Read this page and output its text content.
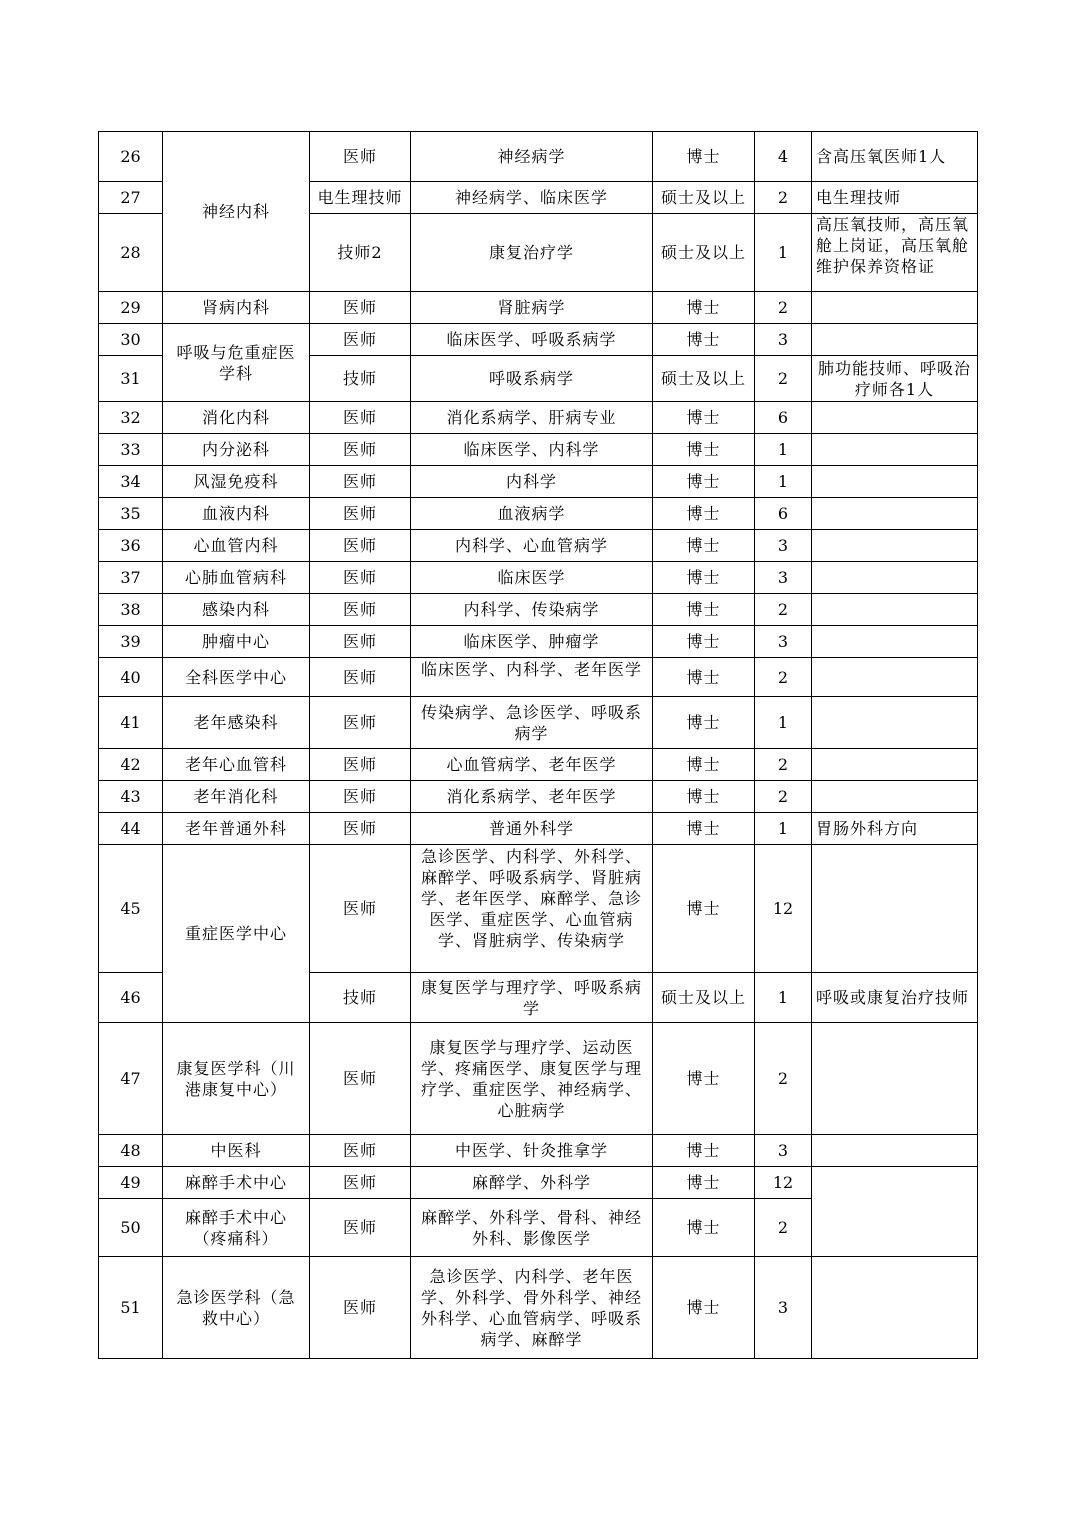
26	神经内科	医师	神经病学	博士	4	含高压氧医师1人
27		电生理技师	神经病学、临床医学	硕士及以上	2	电生理技师
28		技师2	康复治疗学	硕士及以上	1	高压氧技师，高压氧舱上岗证，高压氧舱维护保养资格证

29	肾病内科	医师	肾脏病学	博士	2	
30	呼吸与危重症医学科	医师	临床医学、呼吸系病学	博士	3	
31		技师	呼吸系病学	硕士及以上	2	肺功能技师、呼吸治疗师各1人
32	消化内科	医师	消化系病学、肝病专业	博士	6	
33	内分泌科	医师	临床医学、内科学	博士	1	
34	风湿免疫科	医师	内科学	博士	1	
35	血液内科	医师	血液病学	博士	6	
36	心血管内科	医师	内科学、心血管病学	博士	3	
37	心肺血管病科	医师	临床医学	博士	3	
38	感染内科	医师	内科学、传染病学	博士	2	
39	肿瘤中心	医师	临床医学、肿瘤学	博士	3	
40	全科医学中心	医师	临床医学、内科学、老年医学	博士	2	
41	老年感染科	医师	传染病学、急诊医学、呼吸系病学	博士	1	
42	老年心血管科	医师	心血管病学、老年医学	博士	2	
43	老年消化科	医师	消化系病学、老年医学	博士	2	
44	老年普通外科	医师	普通外科学	博士	1	胃肠外科方向
45	重症医学中心	医师	急诊医学、内科学、外科学、麻醉学、呼吸系病学、肾脏病学、老年医学、麻醉学、急诊医学、重症医学、心血管病学、肾脏病学、传染病学	博士	12	
46		技师	康复医学与理疗学、呼吸系病学	硕士及以上	1	呼吸或康复治疗技师
47	康复医学科（川港康复中心）	医师	康复医学与理疗学、运动医学、疼痛医学、康复医学与理疗学、重症医学、神经病学、心脏病学	博士	2	
48	中医科	医师	中医学、针灸推拿学	博士	3	
49	麻醉手术中心	医师	麻醉学、外科学	博士	12	
50	麻醉手术中心（疼痛科）	医师	麻醉学、外科学、骨科、神经外科、影像医学	博士	2	
51	急诊医学科（急救中心）	医师	急诊医学、内科学、老年医学、外科学、骨外科学、神经外科学、心血管病学、呼吸系病学、麻醉学	博士	3	
